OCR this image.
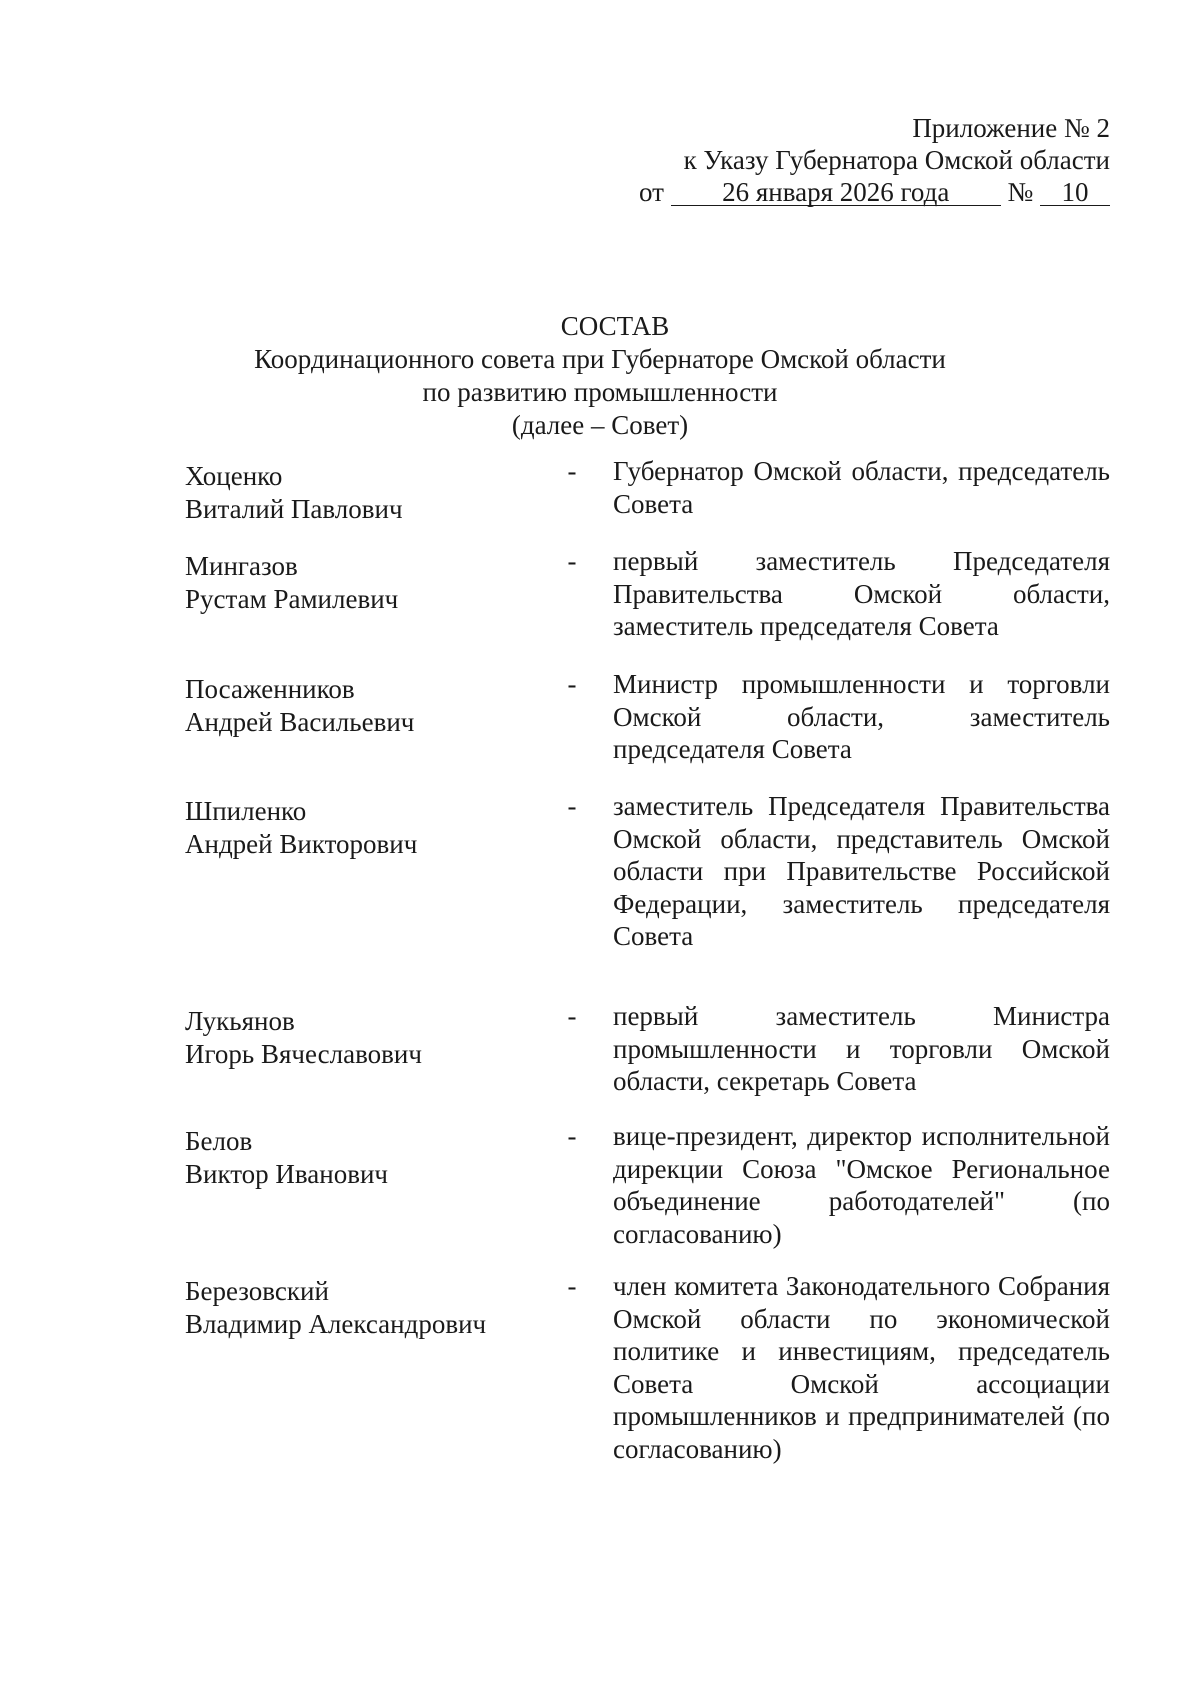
Приложение № 2
к Указу Губернатора Омской области
от 26 января 2026 года № 10
СОСТАВ
Координационного совета при Губернаторе Омской области
по развитию промышленности
(далее – Совет)
Хоценко
Виталий Павлович
- Губернатор Омской области, председатель Совета
Мингазов
Рустам Рамилевич
- первый заместитель Председателя Правительства Омской области, заместитель председателя Совета
Посаженников
Андрей Васильевич
- Министр промышленности и торговли Омской области, заместитель председателя Совета
Шпиленко
Андрей Викторович
- заместитель Председателя Правительства Омской области, представитель Омской области при Правительстве Российской Федерации, заместитель председателя Совета
Лукьянов
Игорь Вячеславович
- первый заместитель Министра промышленности и торговли Омской области, секретарь Совета
Белов
Виктор Иванович
- вице-президент, директор исполнительной дирекции Союза "Омское Региональное объединение работодателей" (по согласованию)
Березовский
Владимир Александрович
- член комитета Законодательного Собрания Омской области по экономической политике и инвестициям, председатель Совета Омской ассоциации промышленников и предпринимателей (по согласованию)
